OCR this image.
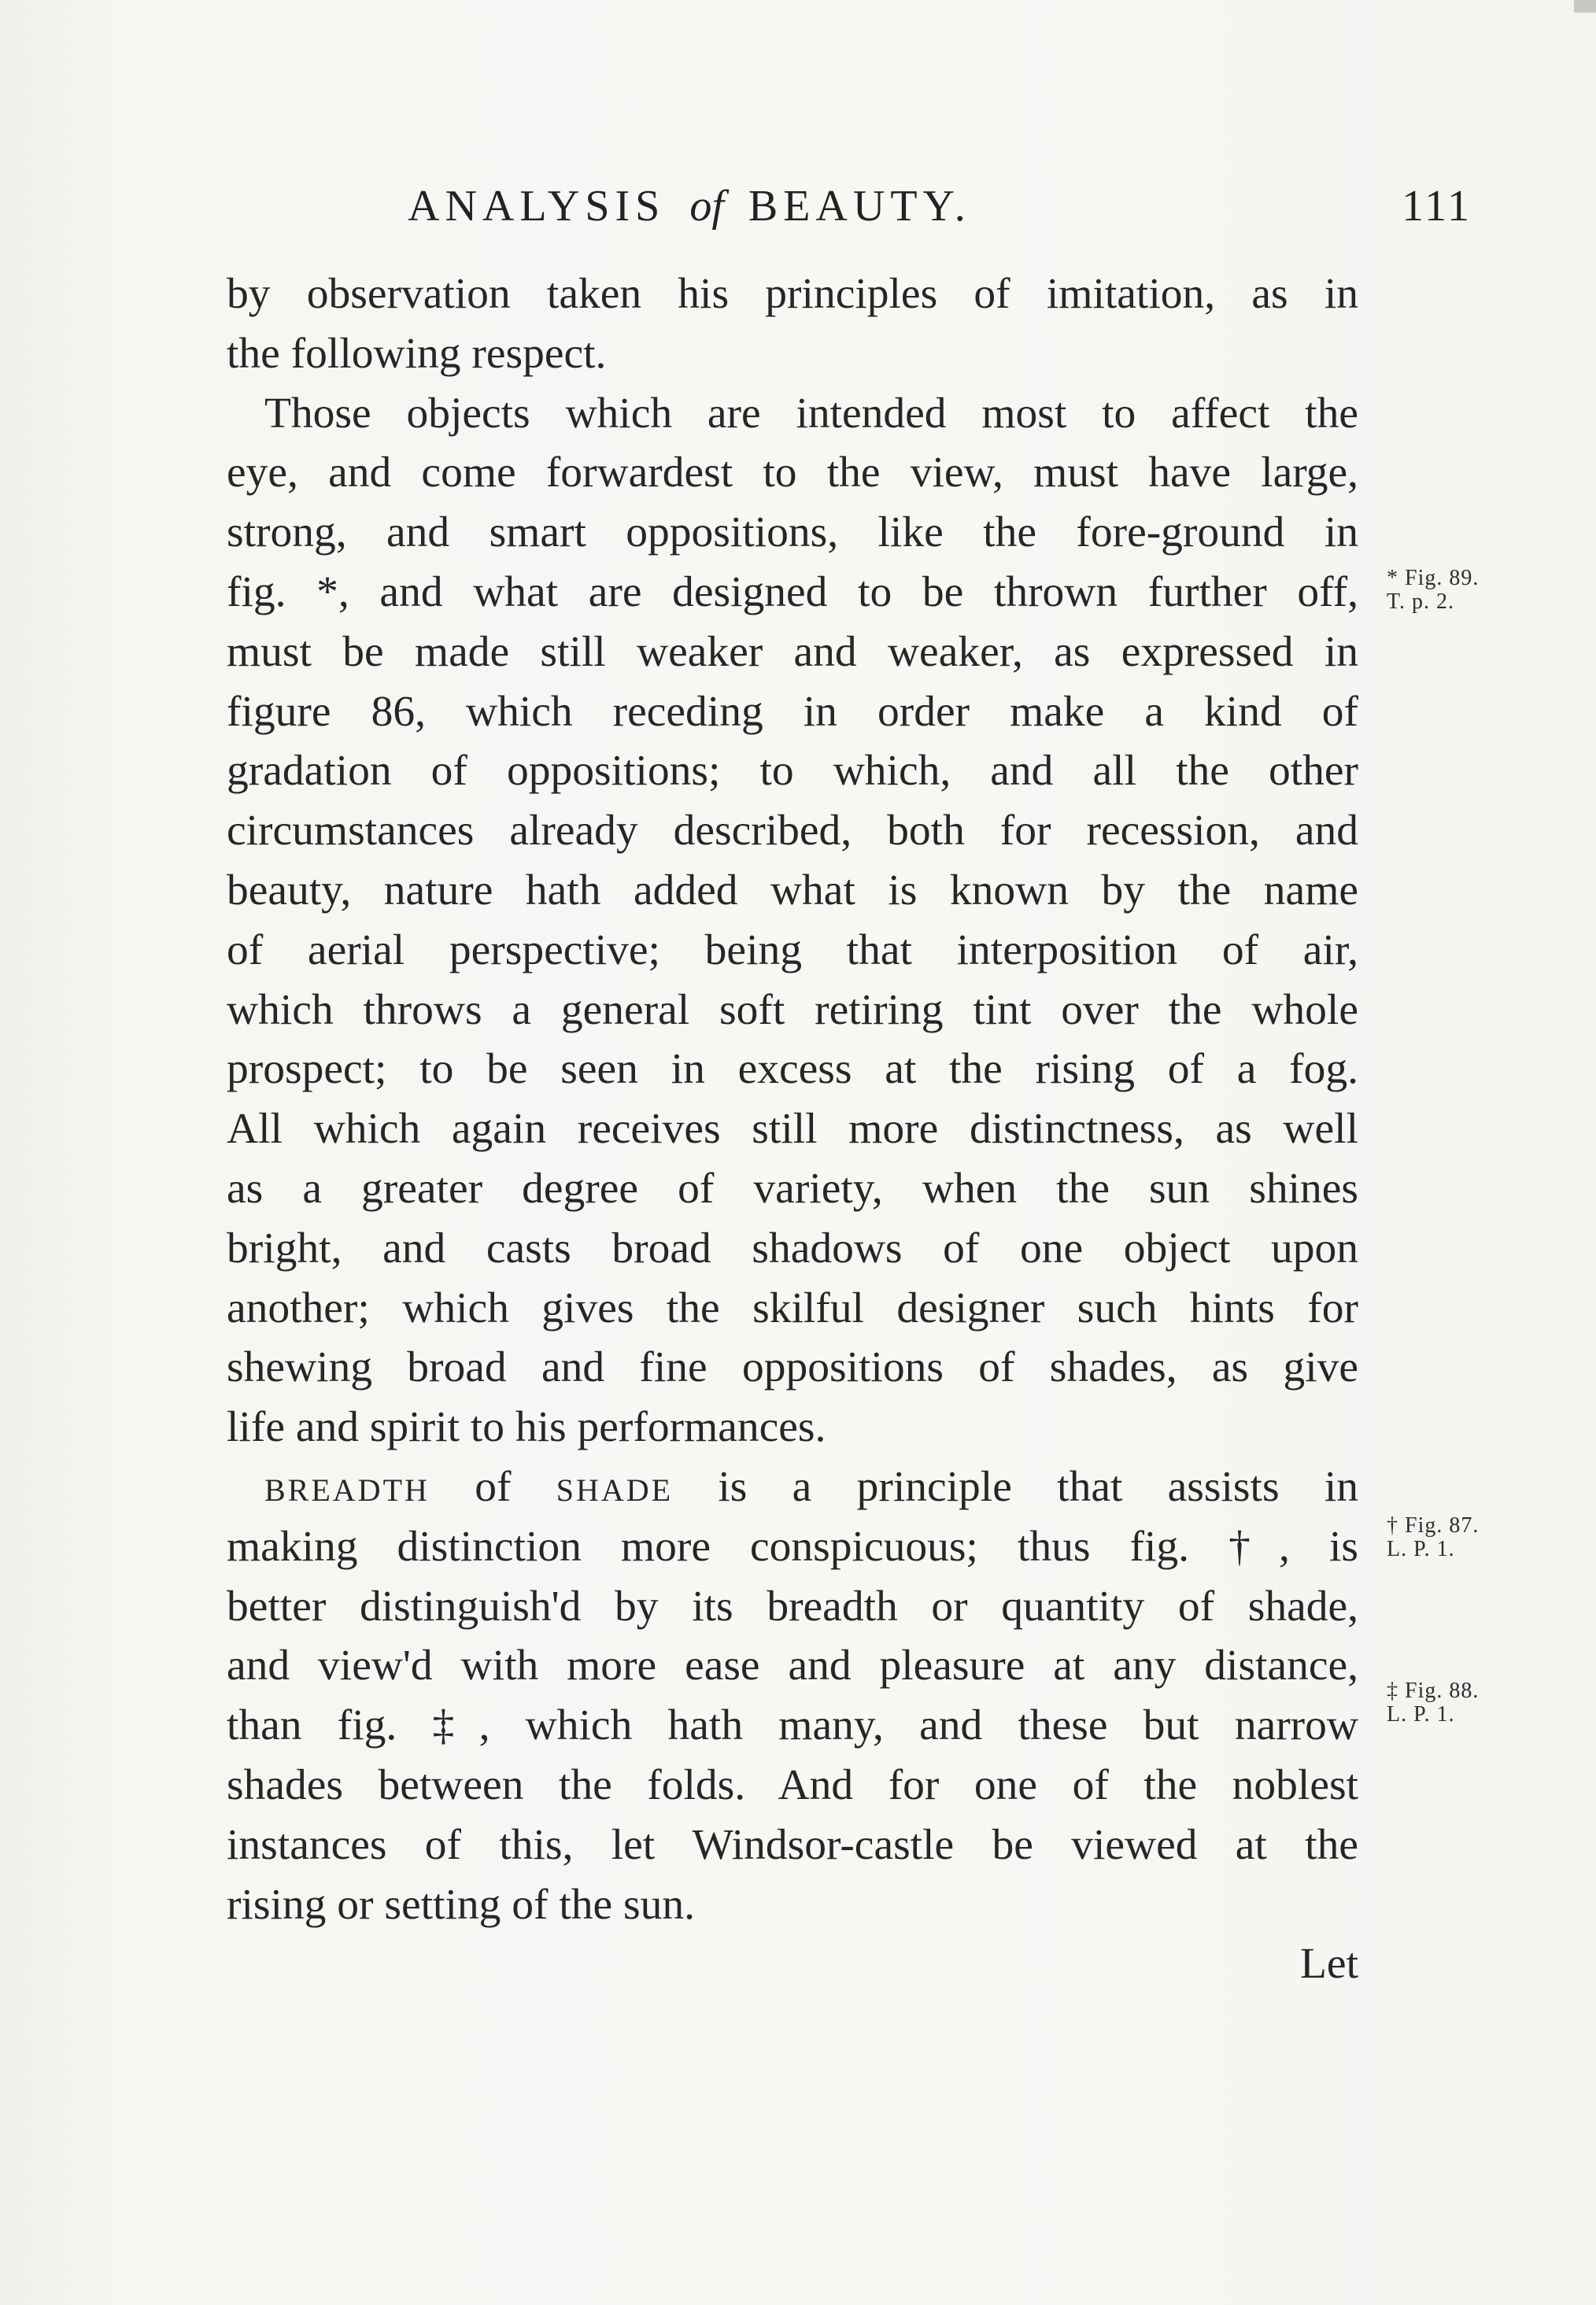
ANALYSIS of BEAUTY.	111
by observation taken his principles of imitation, as in
the following respect.
Those objects which are intended most to affect the
eye, and come forwardest to the view, must have large,
strong, and smart oppositions, like the fore-ground in
fig. *, and what are designed to be thrown further off,
must be made still weaker and weaker, as expressed in
figure 86, which receding in order make a kind of
gradation of oppositions; to which, and all the other
circumstances already described, both for recession, and
beauty, nature hath added what is known by the name
of aerial perspective; being that interposition of air,
which throws a general soft retiring tint over the whole
prospect; to be seen in excess at the rising of a fog.
All which again receives still more distinctness, as well
as a greater degree of variety, when the sun shines
bright, and casts broad shadows of one object upon
another; which gives the skilful designer such hints for
shewing broad and fine oppositions of shades, as give
life and spirit to his performances.
BREADTH of SHADE is a principle that assists in
making distinction more conspicuous; thus fig. †, is
better distinguish'd by its breadth or quantity of shade,
and view'd with more ease and pleasure at any distance,
than fig. ‡, which hath many, and these but narrow
shades between the folds. And for one of the noblest
instances of this, let Windsor-castle be viewed at the
rising or setting of the sun.
Let
* Fig. 89.
T. p. 2.
† Fig. 87.
L. P. 1.
‡ Fig. 88.
L. P. 1.
